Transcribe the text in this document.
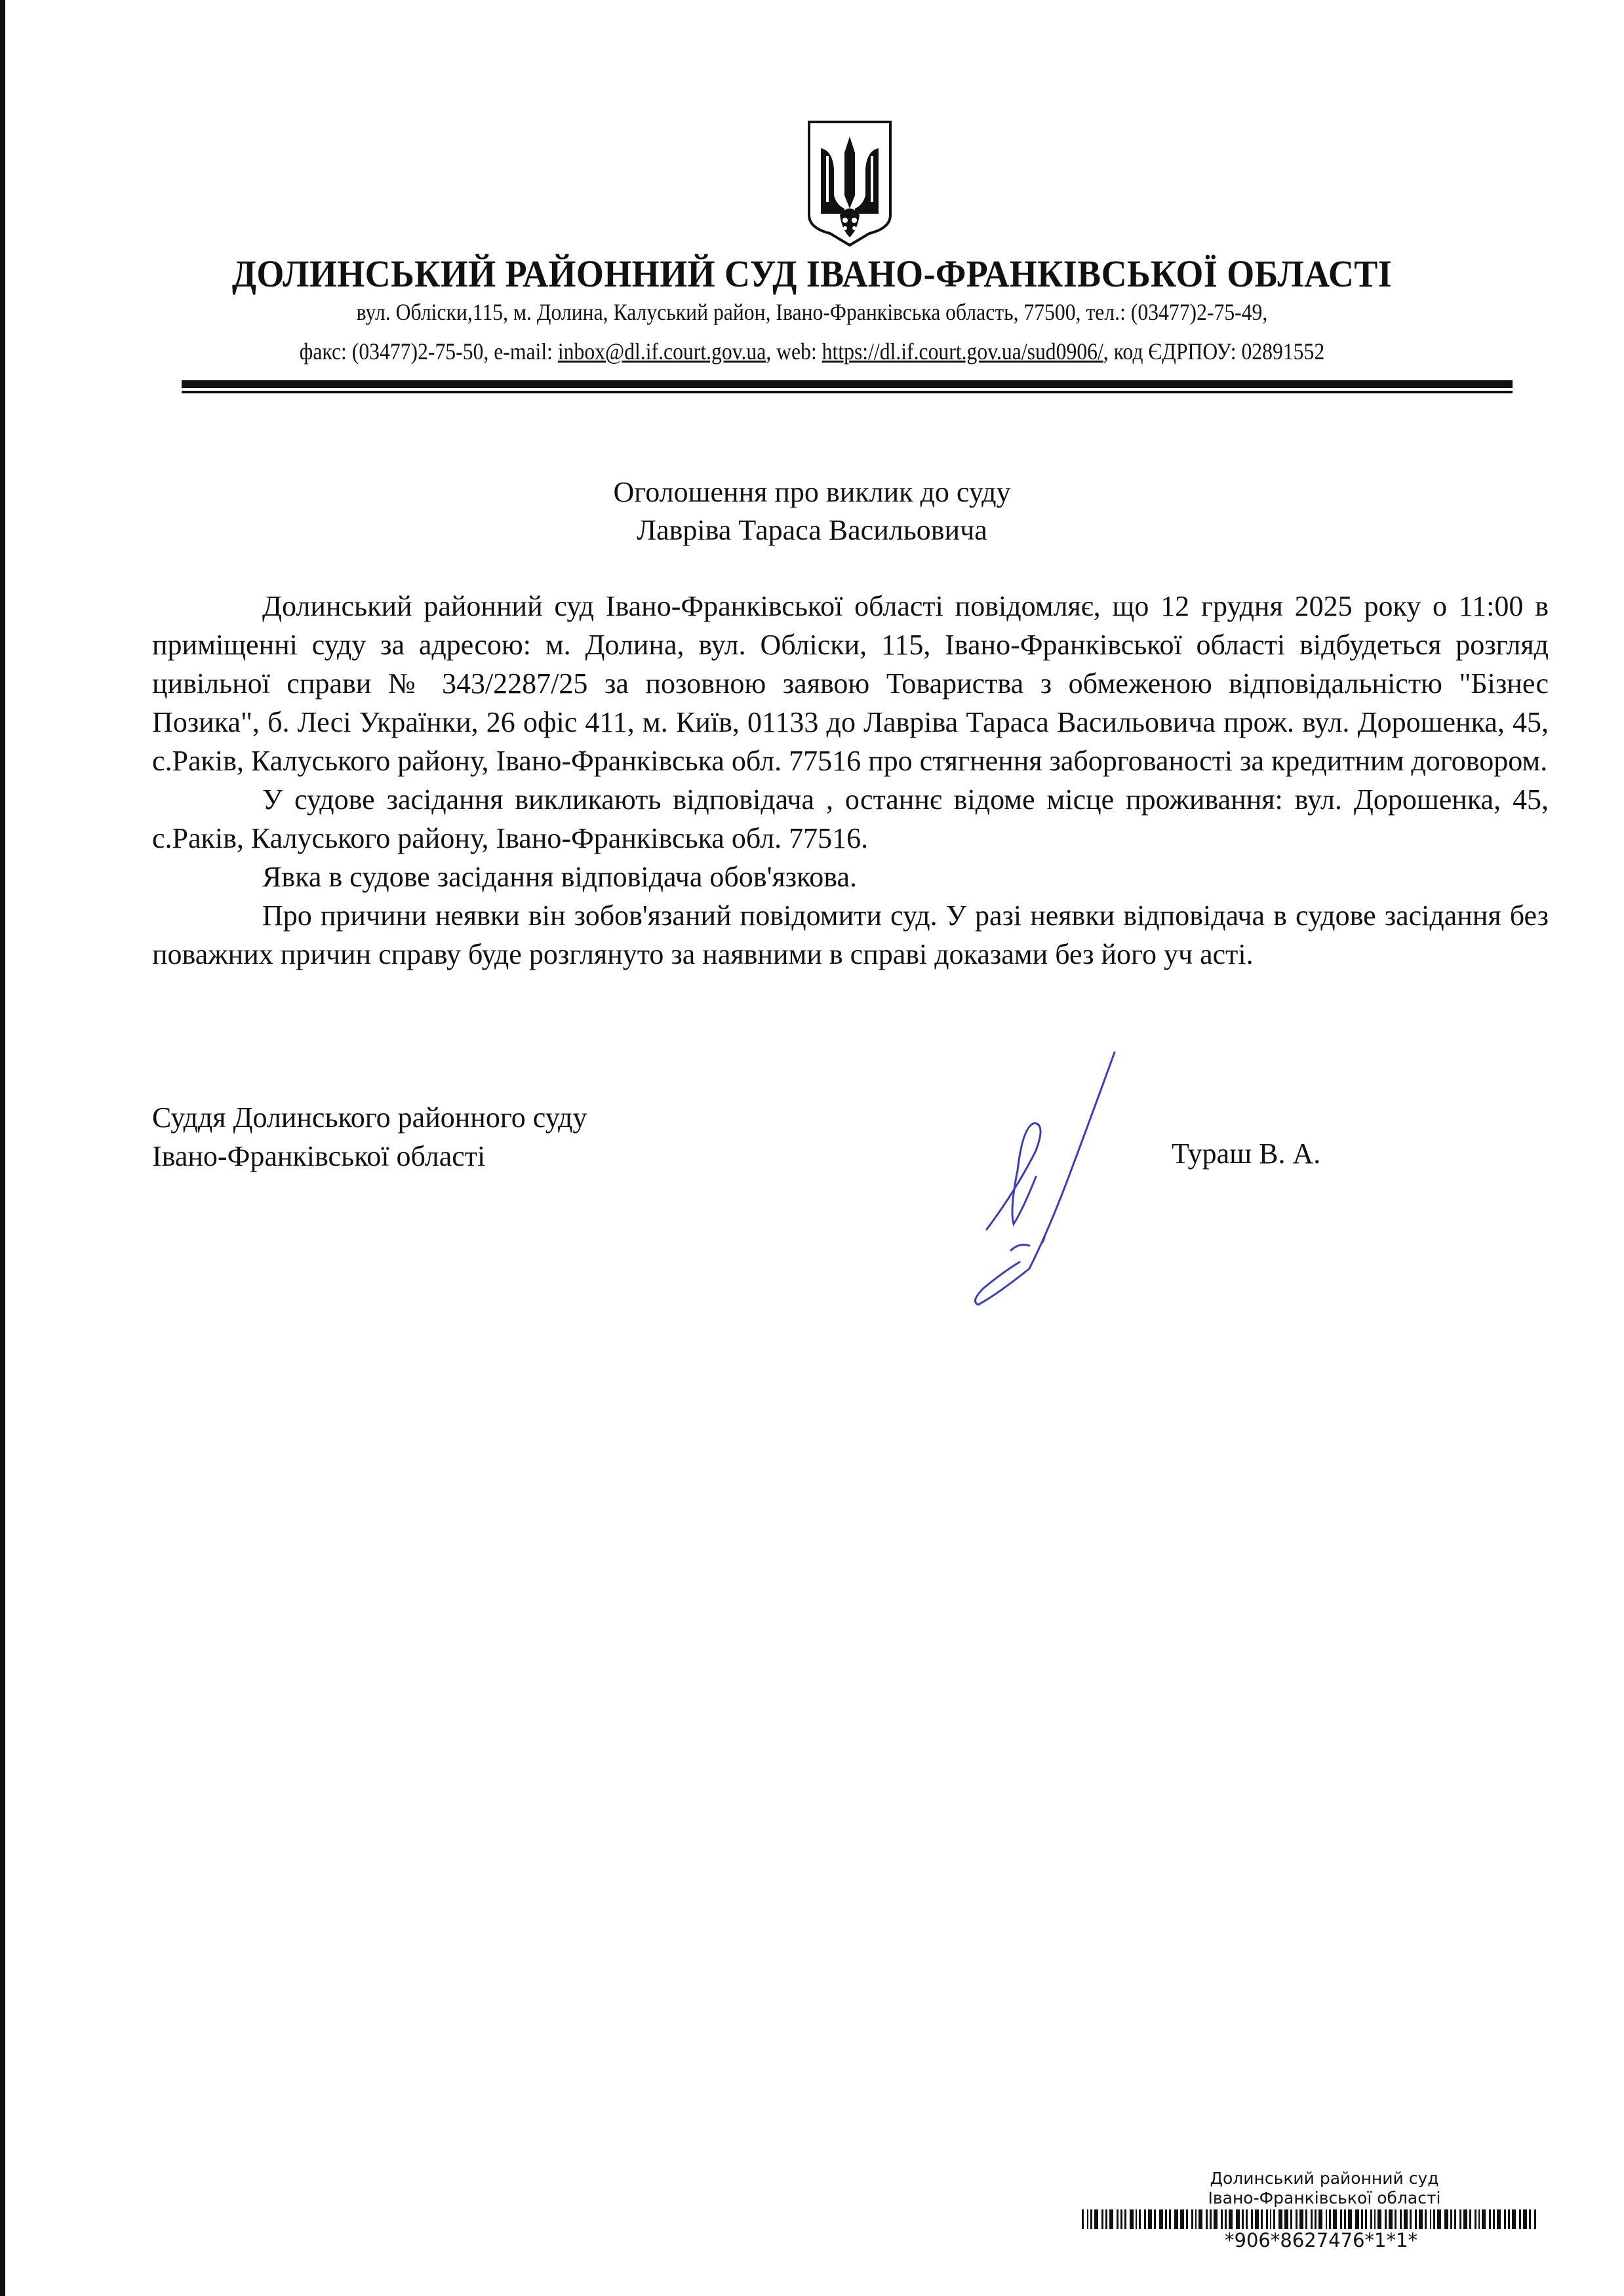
ДОЛИНСЬКИЙ РАЙОННИЙ СУД ІВАНО-ФРАНКІВСЬКОЇ ОБЛАСТІ
вул. Обліски,115, м. Долина, Калуський район, Івано-Франківська область, 77500, тел.: (03477)2-75-49,
факс: (03477)2-75-50, e-mail: inbox@dl.if.court.gov.ua, web: https://dl.if.court.gov.ua/sud0906/, код ЄДРПОУ: 02891552
Оголошення про виклик до суду
Лавріва Тараса Васильовича

Долинський районний суд Івано-Франківської області повідомляє, що 12 грудня 2025 року о 11:00 в приміщенні суду за адресою: м. Долина, вул. Обліски, 115, Івано-Франківської області відбудеться розгляд цивільної справи № 343/2287/25 за позовною заявою Товариства з обмеженою відповідальністю "Бізнес Позика", б. Лесі Українки, 26 офіс 411, м. Київ, 01133 до Лавріва Тараса Васильовича прож. вул. Дорошенка, 45, с.Раків, Калуського району, Івано-Франківська обл. 77516 про стягнення заборгованості за кредитним договором.

У судове засідання викликають відповідача , останнє відоме місце проживання: вул. Дорошенка, 45, с.Раків, Калуського району, Івано-Франківська обл. 77516.

Явка в судове засідання відповідача обов'язкова.

Про причини неявки він зобов'язаний повідомити суд. У разі неявки відповідача в судове засідання без поважних причин справу буде розглянуто за наявними в справі доказами без його уч асті.

Суддя Долинського районного суду
Івано-Франківської області	Тураш В. А.
Долинський районний суд
Івано-Франківської області
*906*8627476*1*1*
